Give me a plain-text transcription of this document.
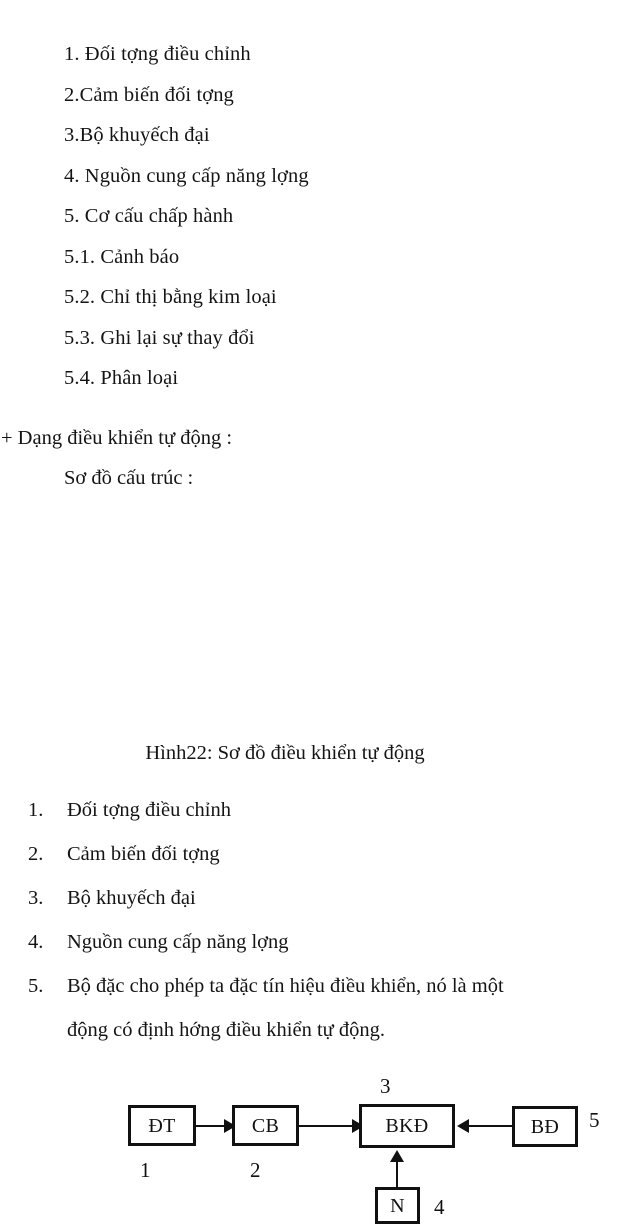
1. Đối tợng điều chỉnh
2.Cảm biến đối tợng
3.Bộ khuyếch đại
4. Nguồn cung cấp năng lợng
5. Cơ cấu chấp hành
5.1. Cảnh báo
5.2. Chỉ thị bằng kim loại
5.3. Ghi lại sự thay đổi
5.4. Phân loại
+ Dạng điều khiển tự động :
Sơ đồ cấu trúc :
ĐT	CB	BKĐ
N
BĐ
1	2
3
4
5
Hình22: Sơ đồ điều khiển tự động
1. Đối tợng điều chỉnh
2. Cảm biến đối tợng
3. Bộ khuyếch đại
4. Nguồn cung cấp năng lợng
5. Bộ đặc cho phép ta đặc tín hiệu điều khiển, nó là một
động có định hớng điều khiển tự động.
